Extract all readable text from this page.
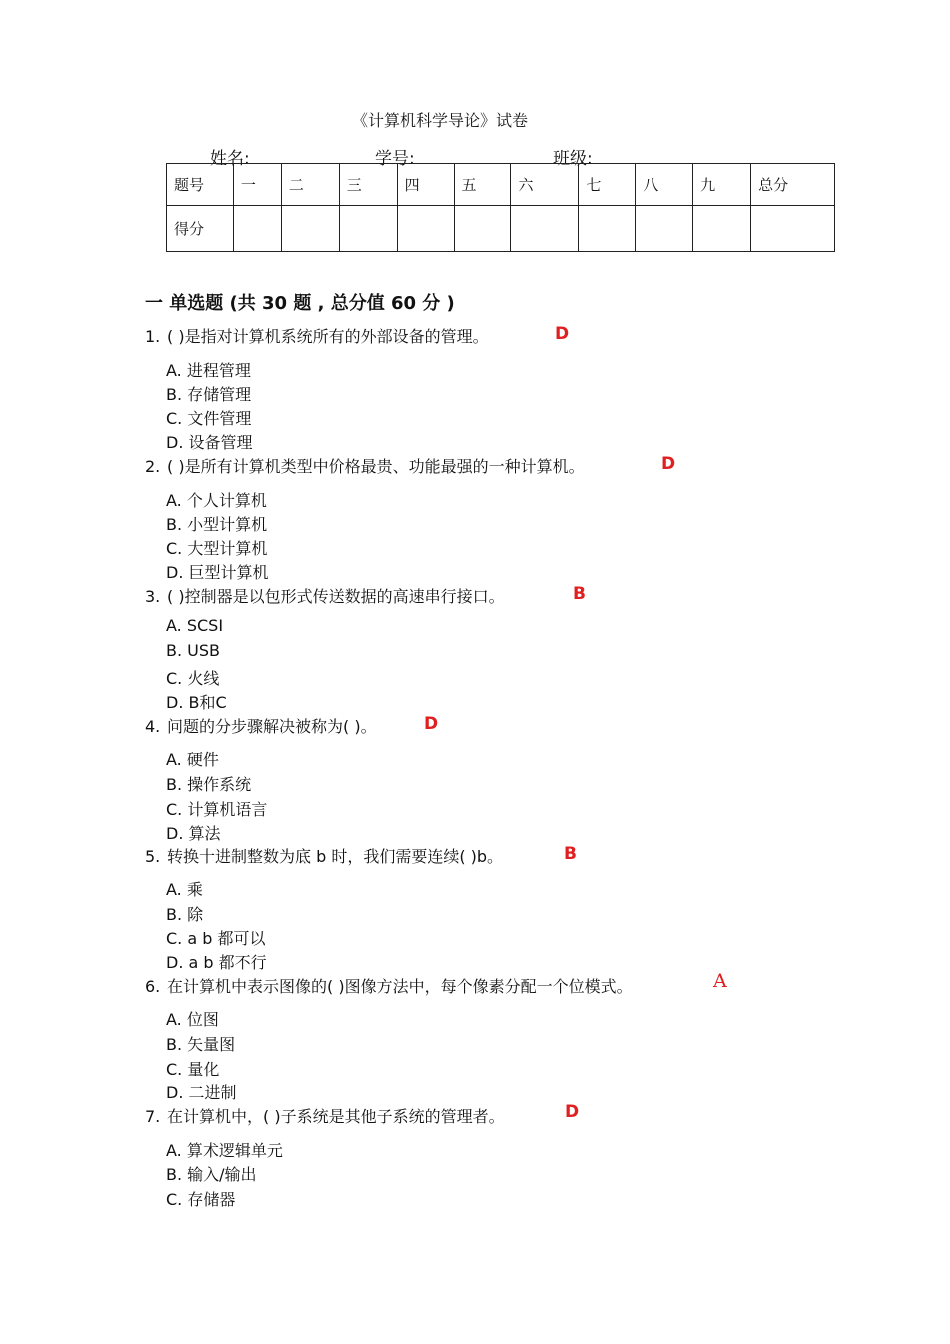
《计算机科学导论》试卷
姓名:	学号:	班级:
题号	一	二	三	四	五	六	七	八	九	总分
得分										
一 单选题 (共 30 题 , 总分值 60 分 )
1. ( )是指对计算机系统所有的外部设备的管理。	D
A. 进程管理
B. 存储管理
C. 文件管理
D. 设备管理
2. ( )是所有计算机类型中价格最贵、功能最强的一种计算机。	D
A. 个人计算机
B. 小型计算机
C. 大型计算机
D. 巨型计算机
3. ( )控制器是以包形式传送数据的高速串行接口。	B
A. SCSI
B. USB
C. 火线
D. B和C
4. 问题的分步骤解决被称为( )。	D
A. 硬件
B. 操作系统
C. 计算机语言
D. 算法
5. 转换十进制整数为底 b 时，我们需要连续( )b。	B
A. 乘
B. 除
C. a b 都可以
D. a b 都不行
6. 在计算机中表示图像的( )图像方法中，每个像素分配一个位模式。	A
A. 位图
B. 矢量图
C. 量化
D. 二进制
7. 在计算机中，( )子系统是其他子系统的管理者。	D
A. 算术逻辑单元
B. 输入/输出
C. 存储器
